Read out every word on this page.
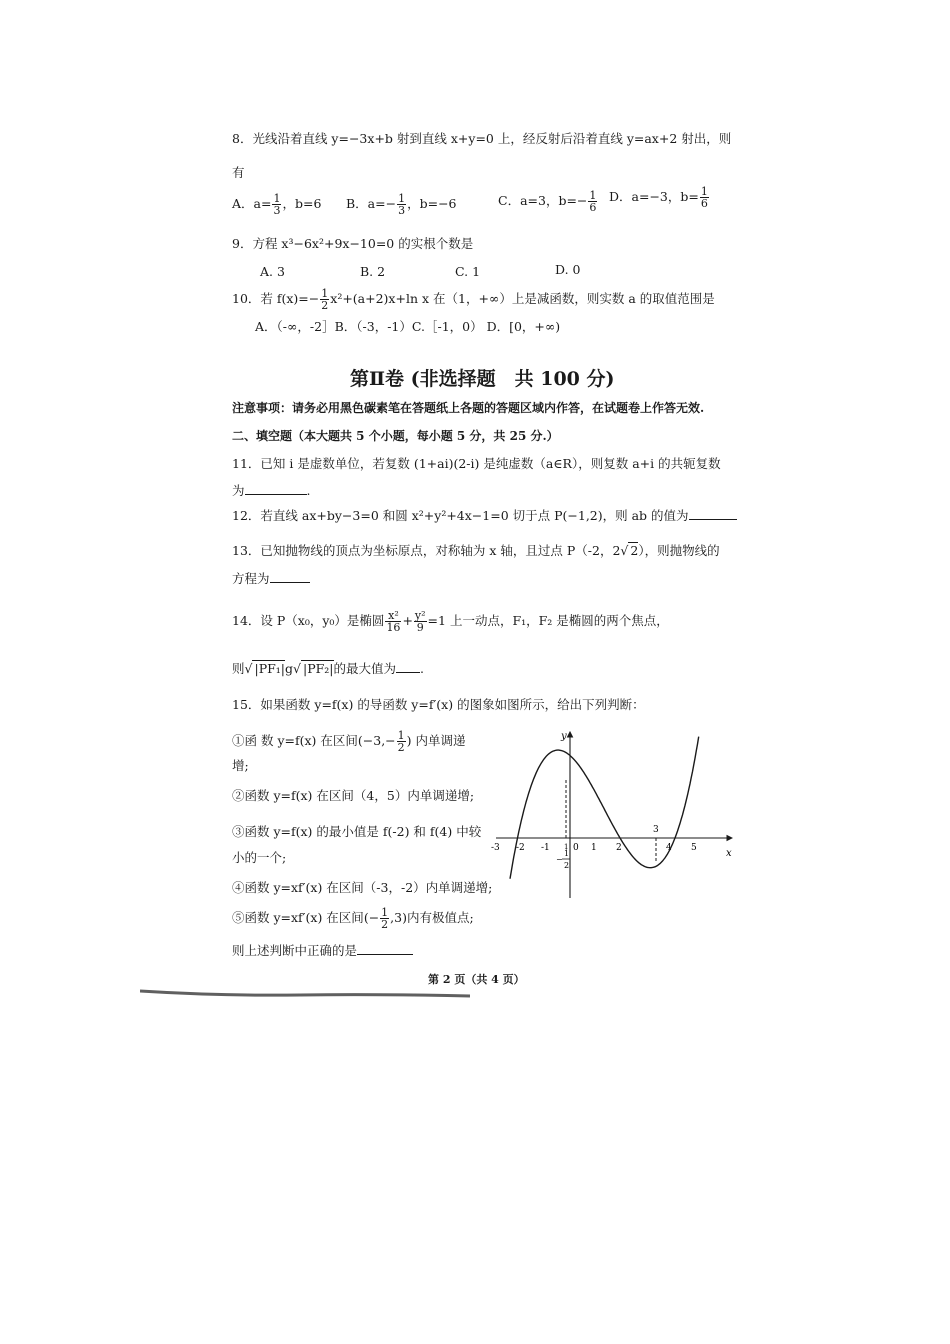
8．光线沿着直线 y=−3x+b 射到直线 x+y=0 上，经反射后沿着直线 y=ax+2 射出，则
有
A．$a= \frac{1}{3}$ ，b=6 B．$a=- \frac{1}{3}$ ，b=−6	C．a=3，$b=- \frac{1}{6}$ D．a=−3，$b= \frac{1}{6}$
9．方程 x³−6x²+9x−10=0 的实根个数是
A. 3	B. 2	C. 1	D. 0
10．若 $f(x)=- \frac{1}{2} x^2+(a+2)x+\ln$ x 在（1，+∞）上是减函数，则实数 a 的取值范围是
A．（-∞，-2］B．（-3，-1）C.［-1，0） D．[0，+∞)
第Ⅱ卷 (非选择题　共 100 分)
注意事项：请务必用黑色碳素笔在答题纸上各题的答题区域内作答，在试题卷上作答无效.
二、填空题（本大题共 5 个小题，每小题 5 分，共 25 分.）
11．已知 i 是虚数单位，若复数 (1+ai)(2-i) 是纯虚数（a∈R），则复数 a+i 的共轭复数
为	.
12．若直线 ax+by−3=0 和圆 x²+y²+4x−1=0 切于点 P(−1,2)，则 ab 的值为
13．已知抛物线的顶点为坐标原点，对称轴为 x 轴，且过点 P（-2，2√ 2），则抛物线的
方程为
14．设 P（x₀，y₀）是椭圆 $\frac{\text{x²}}{16} + \frac{\text{y²}}{9} =1$ 上一动点，F₁，F₂ 是椭圆的两个焦点，
则√ |PF₁|g√ |PF₂|的最大值为 .
15．如果函数 y=f(x) 的导函数 y=f′(x) 的图象如图所示，给出下列判断：
①函 数 y=f(x) 在区间($-3,- \frac{1}{2}$ ) 内单调递
增;
②函数 y=f(x) 在区间（4，5）内单调递增;
③函数 y=f(x) 的最小值是 f(-2) 和 f(4) 中较
小的一个;
④函数 y=xf′(x) 在区间（-3，-2）内单调递增;
⑤函数 y=xf′(x) 在区间(− $\frac{1}{2} ,3$)内有极值点;
则上述判断中正确的是
y
x
0
-3 -2 -1	1 2	4 5
1
−
2
1
3
第 2 页（共 4 页）
